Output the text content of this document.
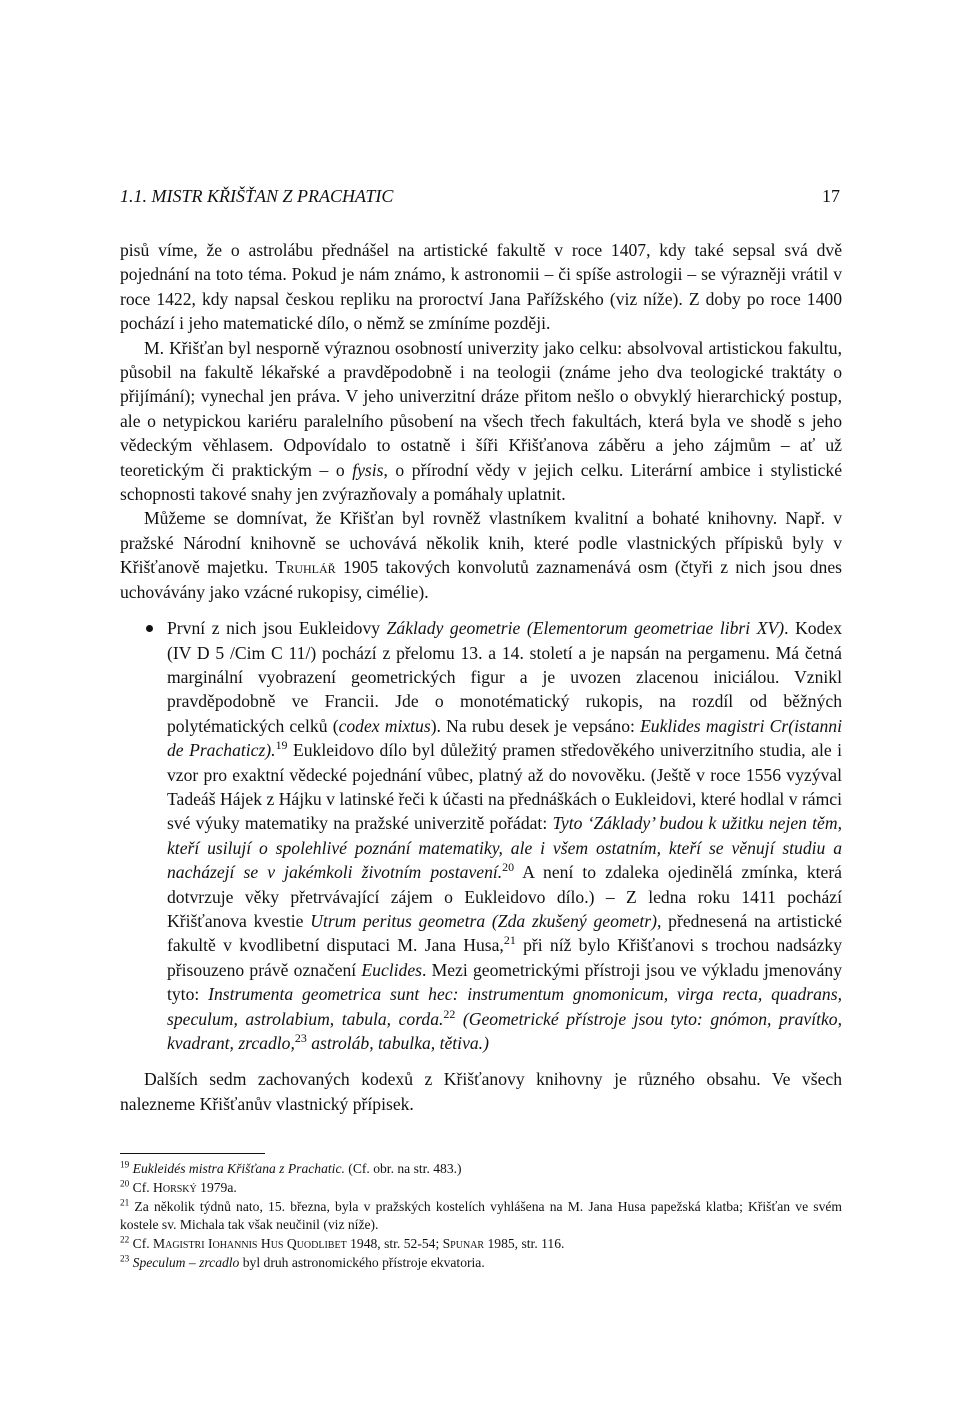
1.1. MISTR KŘIŠŤAN Z PRACHATIC	17

pisů víme, že o astrolábu přednášel na artistické fakultě v roce 1407, kdy také sepsal svá dvě pojednání na toto téma. Pokud je nám známo, k astronomii – či spíše astrologii – se výrazněji vrátil v roce 1422, kdy napsal českou repliku na proroctví Jana Pařížského (viz níže). Z doby po roce 1400 pochází i jeho matematické dílo, o němž se zmíníme později.

M. Křišťan byl nesporně výraznou osobností univerzity jako celku: absolvoval artistickou fakultu, působil na fakultě lékařské a pravděpodobně i na teologii (známe jeho dva teologické traktáty o přijímání); vynechal jen práva. V jeho univerzitní dráze přitom nešlo o obvyklý hierarchický postup, ale o netypickou kariéru paralelního působení na všech třech fakultách, která byla ve shodě s jeho vědeckým věhlasem. Odpovídalo to ostatně i šíři Křišťanova záběru a jeho zájmům – ať už teoretickým či praktickým – o fysis, o přírodní vědy v jejich celku. Literární ambice i stylistické schopnosti takové snahy jen zvýrazňovaly a pomáhaly uplatnit.

Můžeme se domnívat, že Křišťan byl rovněž vlastníkem kvalitní a bohaté knihovny. Např. v pražské Národní knihovně se uchovává několik knih, které podle vlastnických přípisků byly v Křišťanově majetku. Truhlář 1905 takových konvolutů zaznamenává osm (čtyři z nich jsou dnes uchovávány jako vzácné rukopisy, cimélie).

První z nich jsou Eukleidovy Základy geometrie (Elementorum geometriae libri XV). Kodex (IV D 5 /Cim C 11/) pochází z přelomu 13. a 14. století a je napsán na pergamenu. Má četná marginální vyobrazení geometrických figur a je uvozen zlacenou iniciálou. Vznikl pravděpodobně ve Francii. Jde o monotématický rukopis, na rozdíl od běžných polytématických celků (codex mixtus). Na rubu desek je vepsáno: Euklides magistri Cr(istanni de Prachaticz).$^{19}$ Eukleidovo dílo byl důležitý pramen středověkého univerzitního studia, ale i vzor pro exaktní vědecké pojednání vůbec, platný až do novověku. (Ještě v roce 1556 vyzýval Tadeáš Hájek z Hájku v latinské řeči k účasti na přednáškách o Eukleidovi, které hodlal v rámci své výuky matematiky na pražské univerzitě pořádat: Tyto ‘Základy’ budou k užitku nejen těm, kteří usilují o spolehlivé poznání matematiky, ale i všem ostatním, kteří se věnují studiu a nacházejí se v jakémkoli životním postavení.$^{20}$ A není to zdaleka ojedinělá zmínka, která dotvrzuje věky přetrvávající zájem o Eukleidovo dílo.) – Z ledna roku 1411 pochází Křišťanova kvestie Utrum peritus geometra (Zda zkušený geometr), přednesená na artistické fakultě v kvodlibetní disputaci M. Jana Husa,$^{21}$ při níž bylo Křišťanovi s trochou nadsázky přisouzeno právě označení Euclides. Mezi geometrickými přístroji jsou ve výkladu jmenovány tyto: Instrumenta geometrica sunt hec: instrumentum gnomonicum, virga recta, quadrans, speculum, astrolabium, tabula, corda.$^{22}$ (Geometrické přístroje jsou tyto: gnómon, pravítko, kvadrant, zrcadlo,$^{23}$ astroláb, tabulka, tětiva.)

Dalších sedm zachovaných kodexů z Křišťanovy knihovny je různého obsahu. Ve všech nalezneme Křišťanův vlastnický přípisek.

$^{19}$ Eukleidés mistra Křišťana z Prachatic. (Cf. obr. na str. 483.)

$^{20}$ Cf. Horský 1979a.

$^{21}$ Za několik týdnů nato, 15. března, byla v pražských kostelích vyhlášena na M. Jana Husa papežská klatba; Křišťan ve svém kostele sv. Michala tak však neučinil (viz níže).

$^{22}$ Cf. Magistri Iohannis Hus Quodlibet 1948, str. 52-54; Spunar 1985, str. 116.

$^{23}$ Speculum – zrcadlo byl druh astronomického přístroje ekvatoria.
